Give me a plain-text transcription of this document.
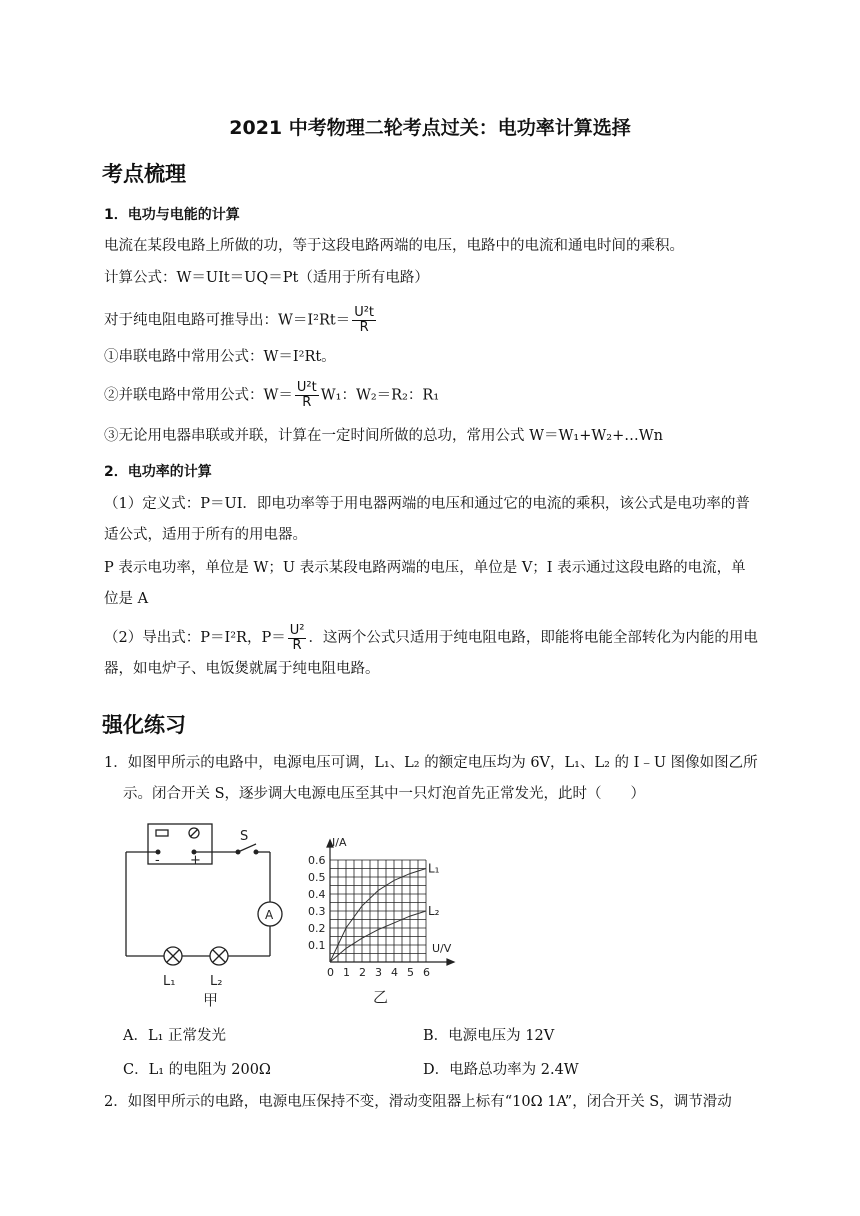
2021 中考物理二轮考点过关：电功率计算选择
考点梳理
1．电功与电能的计算
电流在某段电路上所做的功，等于这段电路两端的电压，电路中的电流和通电时间的乘积。
计算公式：W＝UIt＝UQ＝Pt（适用于所有电路）
对于纯电阻电路可推导出：$W=I^2Rt= \frac{\text{U²t}}{R}$
①串联电路中常用公式：W＝I²Rt。
②并联电路中常用公式：$W= \frac{\text{U²t}}{R} W_1$：W₂＝R₂：R₁
③无论用电器串联或并联，计算在一定时间所做的总功，常用公式 W＝W₁+W₂+…Wn
2．电功率的计算
（1）定义式：P＝UI．即电功率等于用电器两端的电压和通过它的电流的乘积，该公式是电功率的普适公式，适用于所有的用电器。
P 表示电功率，单位是 W；U 表示某段电路两端的电压，单位是 V；I 表示通过这段电路的电流，单位是 A
（2）导出式：P＝I²R，$P= \frac{\text{U²}}{R}$ ．这两个公式只适用于纯电阻电路，即能将电能全部转化为内能的用电器，如电炉子、电饭煲就属于纯电阻电路。
强化练习
1．如图甲所示的电路中，电源电压可调，L₁、L₂ 的额定电压均为 6V，L₁、L₂ 的 I﹣U 图像如图乙所示。闭合开关 S，逐步调大电源电压至其中一只灯泡首先正常发光，此时（　　）
- +
S
A
L₁	L₂
甲
0 1 2 3 4 5 6
0.1
0.2
0.3
0.4
0.5
0.6
I/A
U/V
L₁
L₂
乙
A．L₁ 正常发光	B．电源电压为 12V
C．L₁ 的电阻为 200Ω	D．电路总功率为 2.4W
2．如图甲所示的电路，电源电压保持不变，滑动变阻器上标有“10Ω 1A”，闭合开关 S，调节滑动
